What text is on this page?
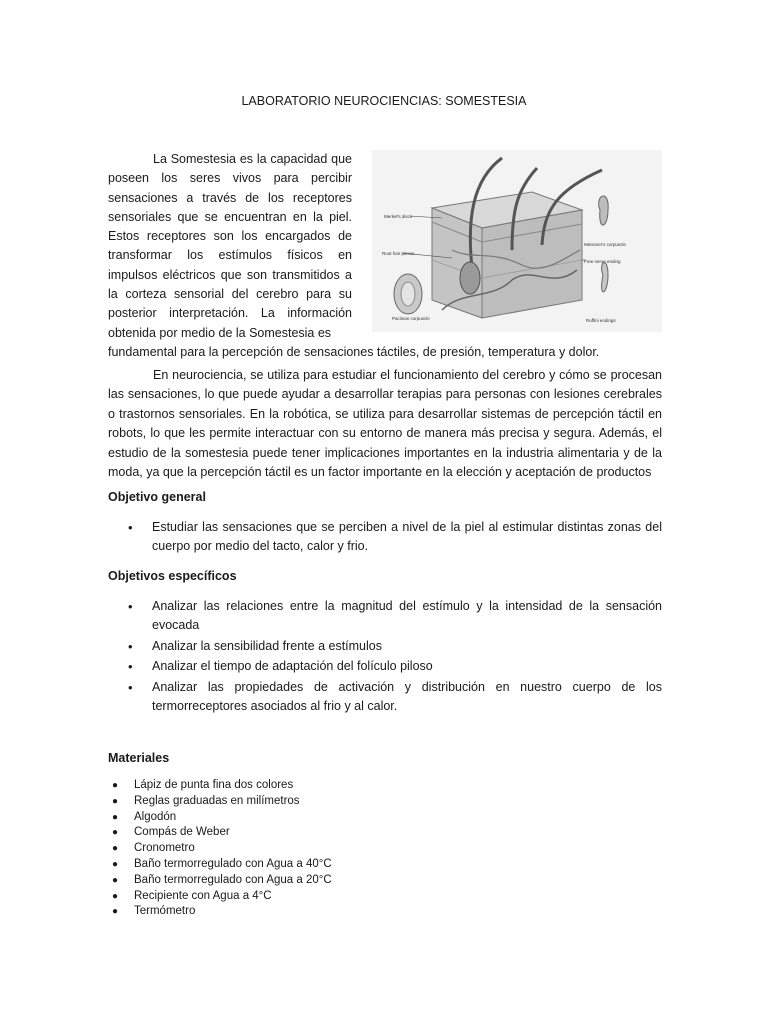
LABORATORIO NEUROCIENCIAS: SOMESTESIA
La Somestesia es la capacidad que poseen los seres vivos para percibir sensaciones a través de los receptores sensoriales que se encuentran en la piel. Estos receptores son los encargados de transformar los estímulos físicos en impulsos eléctricos que son transmitidos a la corteza sensorial del cerebro para su posterior interpretación. La información obtenida por medio de la Somestesia es
fundamental para la percepción de sensaciones táctiles, de presión, temperatura y dolor.
Merkel's discs
Root hair plexus
Pacinian corpuscle
Meissner's corpuscle
Free nerve ending
Ruffini endings
En neurociencia, se utiliza para estudiar el funcionamiento del cerebro y cómo se procesan las sensaciones, lo que puede ayudar a desarrollar terapias para personas con lesiones cerebrales o trastornos sensoriales. En la robótica, se utiliza para desarrollar sistemas de percepción táctil en robots, lo que les permite interactuar con su entorno de manera más precisa y segura. Además, el estudio de la somestesia puede tener implicaciones importantes en la industria alimentaria y de la moda, ya que la percepción táctil es un factor importante en la elección y aceptación de productos
Objetivo general
• Estudiar las sensaciones que se perciben a nivel de la piel al estimular distintas zonas del cuerpo por medio del tacto, calor y frio.
Objetivos específicos
• Analizar las relaciones entre la magnitud del estímulo y la intensidad de la sensación evocada
• Analizar la sensibilidad frente a estímulos
• Analizar el tiempo de adaptación del folículo piloso
• Analizar las propiedades de activación y distribución en nuestro cuerpo de los termorreceptores asociados al frio y al calor.
Materiales
● Lápiz de punta fina dos colores
● Reglas graduadas en milímetros
● Algodón
● Compás de Weber
● Cronometro
● Baño termorregulado con Agua a 40°C
● Baño termorregulado con Agua a 20°C
● Recipiente con Agua a 4°C
● Termómetro
